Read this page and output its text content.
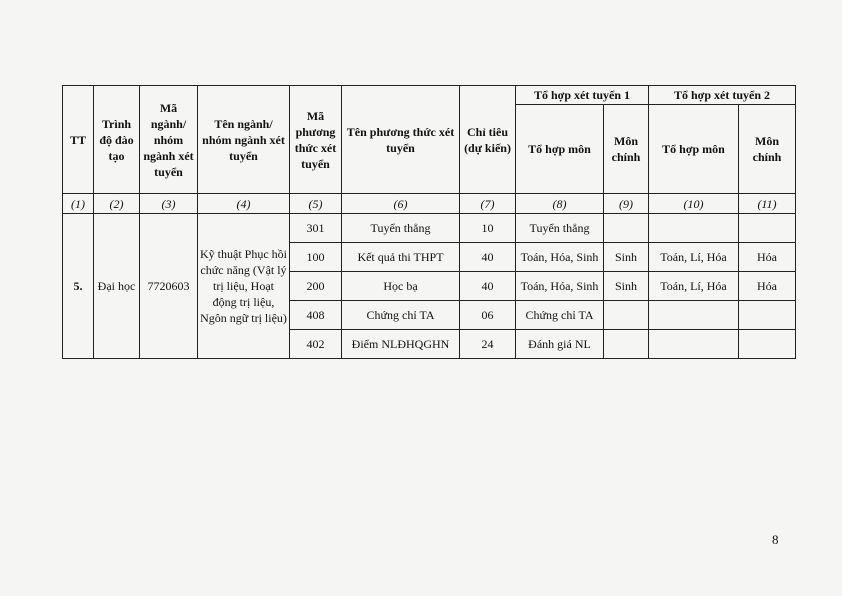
TT	Trình độ đào tạo	Mã ngành/ nhóm ngành xét tuyển	Tên ngành/ nhóm ngành xét tuyển	Mã phương thức xét tuyển	Tên phương thức xét tuyển	Chỉ tiêu (dự kiến)	Tổ hợp xét tuyển 1		Tổ hợp xét tuyển 2	
							Tổ hợp môn	Môn chính	Tổ hợp môn	Môn chính
(1)	(2)	(3)	(4)	(5)	(6)	(7)	(8)	(9)	(10)	(11)
5.	Đại học	7720603	Kỹ thuật Phục hồi chức năng (Vật lý trị liệu, Hoạt động trị liệu, Ngôn ngữ trị liệu)	301	Tuyển thẳng	10	Tuyển thẳng			
				100	Kết quả thi THPT	40	Toán, Hóa, Sinh	Sinh	Toán, Lí, Hóa	Hóa
				200	Học bạ	40	Toán, Hóa, Sinh	Sinh	Toán, Lí, Hóa	Hóa
				408	Chứng chỉ TA	06	Chứng chỉ TA			
				402	Điểm NLĐHQGHN	24	Đánh giá NL			
8
